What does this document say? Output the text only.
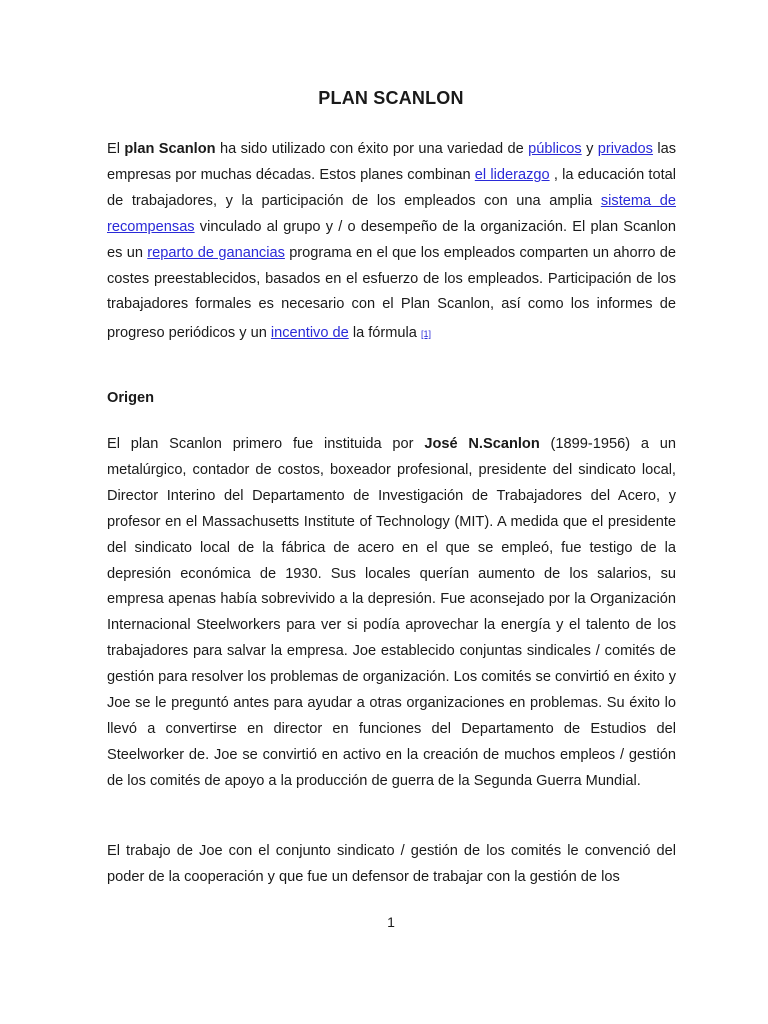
PLAN SCANLON

El plan Scanlon ha sido utilizado con éxito por una variedad de públicos y privados las empresas por muchas décadas. Estos planes combinan el liderazgo , la educación total de trabajadores, y la participación de los empleados con una amplia sistema de recompensas vinculado al grupo y / o desempeño de la organización. El plan Scanlon es un reparto de ganancias programa en el que los empleados comparten un ahorro de costes preestablecidos, basados en el esfuerzo de los empleados. Participación de los trabajadores formales es necesario con el Plan Scanlon, así como los informes de progreso periódicos y un incentivo de la fórmula [1]

Origen

El plan Scanlon primero fue instituida por José N.Scanlon (1899-1956) a un metalúrgico, contador de costos, boxeador profesional, presidente del sindicato local, Director Interino del Departamento de Investigación de Trabajadores del Acero, y profesor en el Massachusetts Institute of Technology (MIT). A medida que el presidente del sindicato local de la fábrica de acero en el que se empleó, fue testigo de la depresión económica de 1930. Sus locales querían aumento de los salarios, su empresa apenas había sobrevivido a la depresión. Fue aconsejado por la Organización Internacional Steelworkers para ver si podía aprovechar la energía y el talento de los trabajadores para salvar la empresa. Joe establecido conjuntas sindicales / comités de gestión para resolver los problemas de organización. Los comités se convirtió en éxito y Joe se le preguntó antes para ayudar a otras organizaciones en problemas. Su éxito lo llevó a convertirse en director en funciones del Departamento de Estudios del Steelworker de. Joe se convirtió en activo en la creación de muchos empleos / gestión de los comités de apoyo a la producción de guerra de la Segunda Guerra Mundial.

El trabajo de Joe con el conjunto sindicato / gestión de los comités le convenció del poder de la cooperación y que fue un defensor de trabajar con la gestión de los

1
